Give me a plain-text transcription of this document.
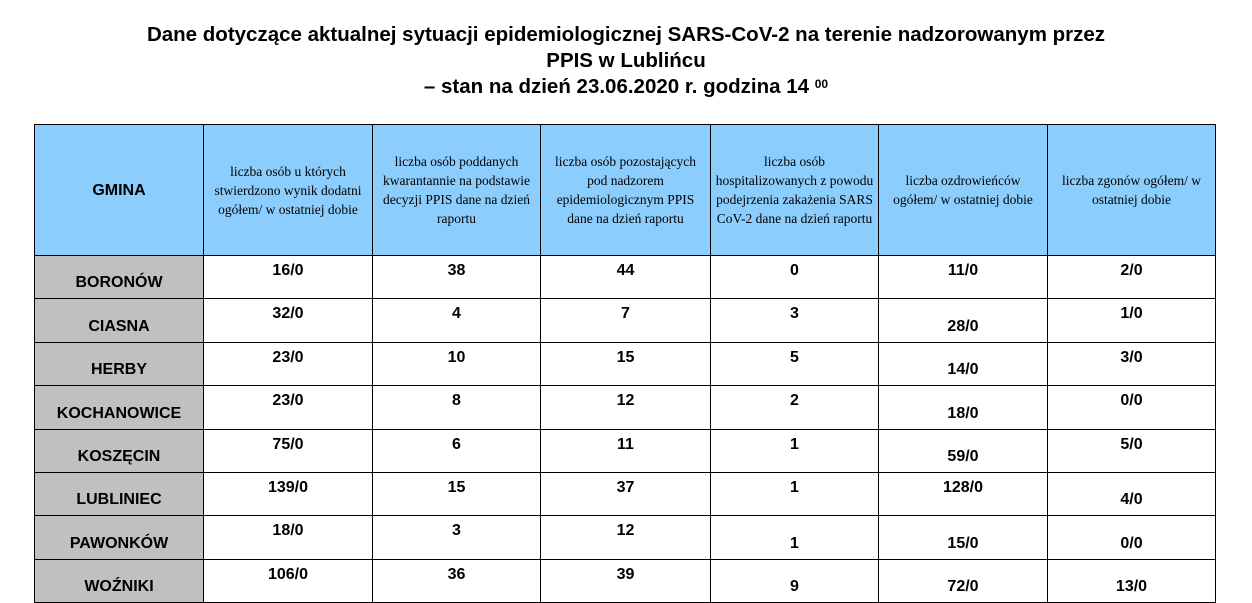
Dane dotyczące aktualnej sytuacji epidemiologicznej SARS-CoV-2 na terenie nadzorowanym przez
PPIS w Lublińcu
– stan na dzień 23.06.2020 r. godzina 14 $^{00}$
GMINA	liczba osób u których stwierdzono wynik dodatni ogółem/ w ostatniej dobie	liczba osób poddanych kwarantannie na podstawie decyzji PPIS dane na dzień raportu	liczba osób pozostających pod nadzorem epidemiologicznym PPIS dane na dzień raportu	liczba osób hospitalizowanych z powodu podejrzenia zakażenia SARS CoV-2 dane na dzień raportu	liczba ozdrowieńców ogółem/ w ostatniej dobie	liczba zgonów ogółem/ w ostatniej dobie

BORONÓW	16/0	38	44	0	11/0	2/0
CIASNA	32/0	4	7	3	28/0	1/0
HERBY	23/0	10	15	5	14/0	3/0
KOCHANOWICE	23/0	8	12	2	18/0	0/0
KOSZĘCIN	75/0	6	11	1	59/0	5/0
LUBLINIEC	139/0	15	37	1	128/0	4/0
PAWONKÓW	18/0	3	12	1	15/0	0/0
WOŹNIKI	106/0	36	39	9	72/0	13/0
